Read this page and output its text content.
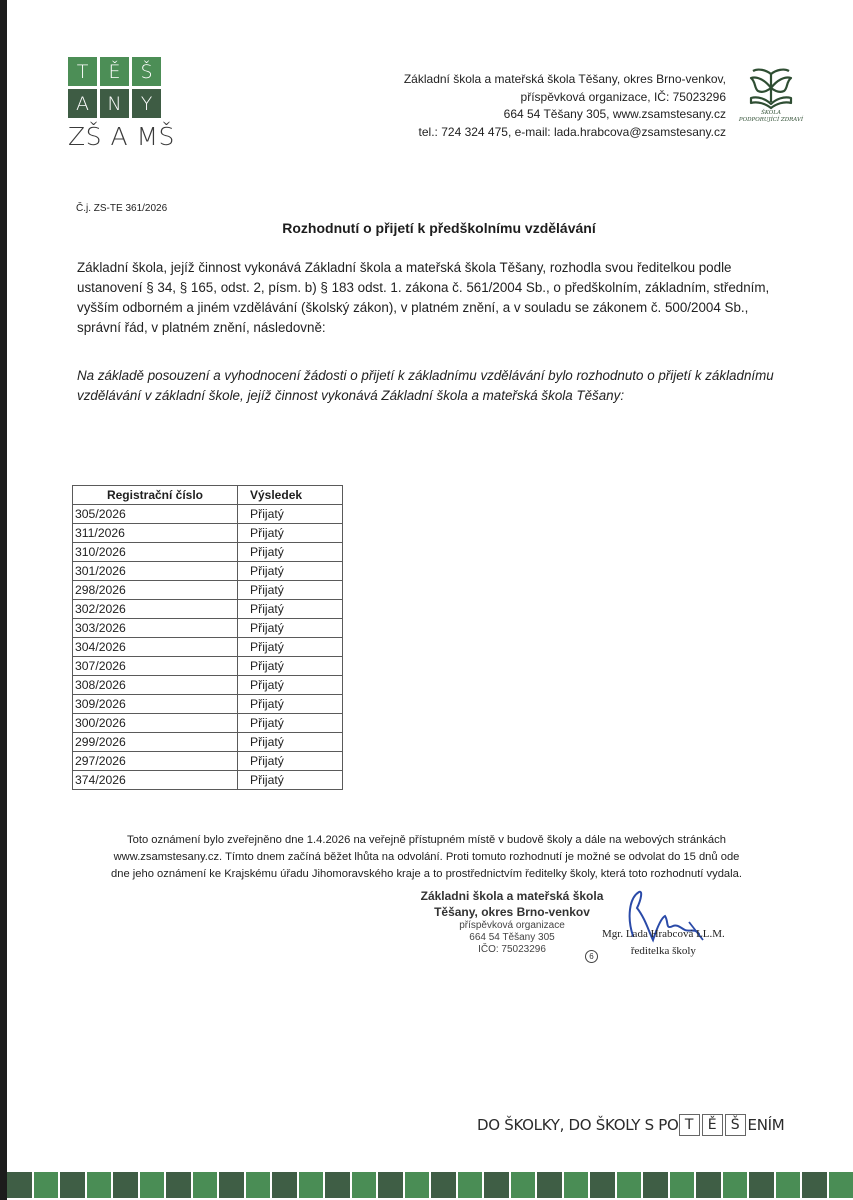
T	Ě	Š
A N	Y
ZŠ A MŠ
Základní škola a mateřská škola Těšany, okres Brno-venkov,
příspěvková organizace, IČ: 75023296
664 54 Těšany 305, www.zsamstesany.cz
tel.: 724 324 475, e-mail: lada.hrabcova@zsamstesany.cz
ŠKOLA
PODPORUJÍCÍ ZDRAVÍ
Č.j. ZS-TE 361/2026
Rozhodnutí o přijetí k předškolnímu vzdělávání
Základní škola, jejíž činnost vykonává Základní škola a mateřská škola Těšany, rozhodla svou ředitelkou podle ustanovení § 34, § 165, odst. 2, písm. b) § 183 odst. 1. zákona č. 561/2004 Sb., o předškolním, základním, středním, vyšším odborném a jiném vzdělávání (školský zákon), v platném znění, a v souladu se zákonem č. 500/2004 Sb., správní řád, v platném znění, následovně:
Na základě posouzení a vyhodnocení žádosti o přijetí k základnímu vzdělávání bylo rozhodnuto o přijetí k základnímu vzdělávání v základní škole, jejíž činnost vykonává Základní škola a mateřská škola Těšany:
Registrační číslo	Výsledek
305/2026	Přijatý
311/2026	Přijatý
310/2026	Přijatý
301/2026	Přijatý
298/2026	Přijatý
302/2026	Přijatý
303/2026	Přijatý
304/2026	Přijatý
307/2026	Přijatý
308/2026	Přijatý
309/2026	Přijatý
300/2026	Přijatý
299/2026	Přijatý
297/2026	Přijatý
374/2026	Přijatý
Toto oznámení bylo zveřejněno dne 1.4.2026 na veřejně přístupném místě v budově školy a dále na webových stránkách
www.zsamstesany.cz. Tímto dnem začíná běžet lhůta na odvolání. Proti tomuto rozhodnutí je možné se odvolat do 15 dnů ode
dne jeho oznámení ke Krajskému úřadu Jihomoravského kraje a to prostřednictvím ředitelky školy, která toto rozhodnutí vydala.
Základni škola a mateřská škola
Těšany, okres Brno-venkov
příspěvková organizace
664 54 Těšany 305
IČO: 75023296
6
Mgr. Lada Hrabcová LL.M.
ředitelka školy
DO ŠKOLKY, DO ŠKOLY S PO T	Ě	Š ENÍM
